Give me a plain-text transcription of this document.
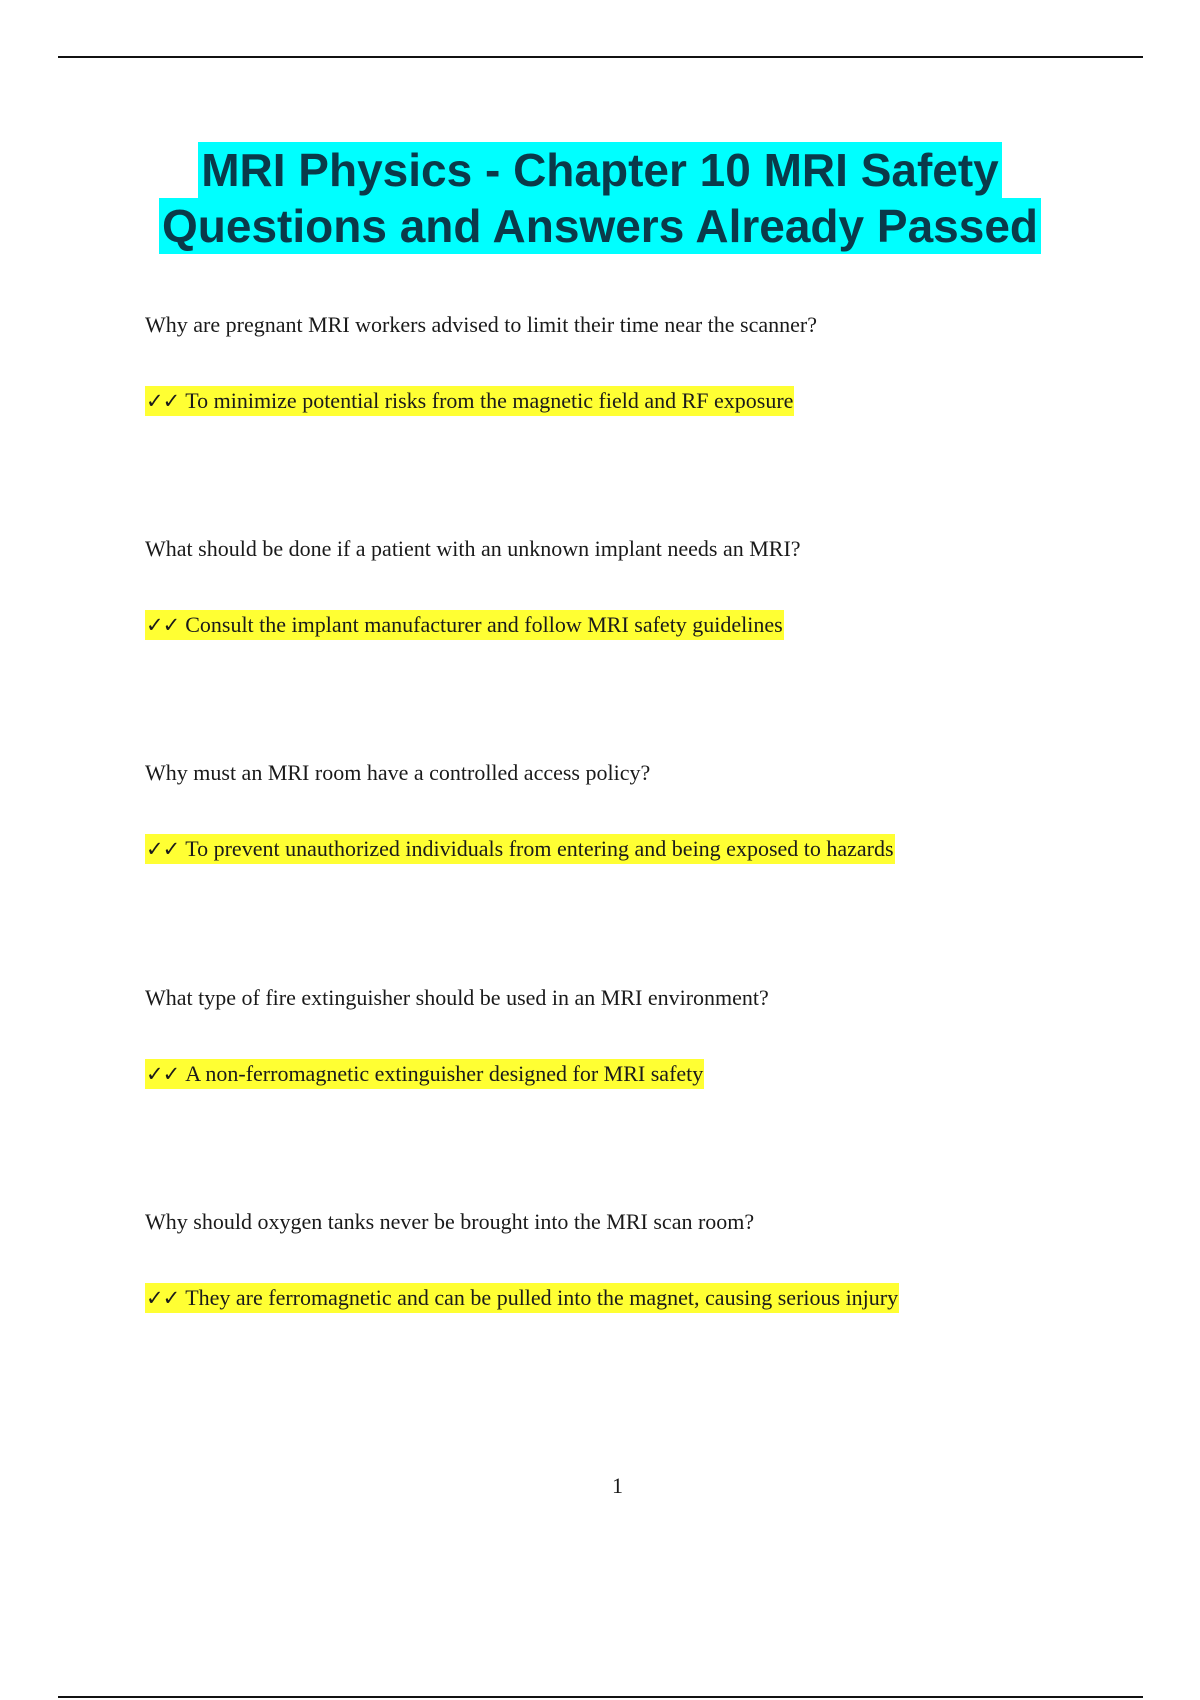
MRI Physics - Chapter 10 MRI Safety
Questions and Answers Already Passed
Why are pregnant MRI workers advised to limit their time near the scanner?
✓✓ To minimize potential risks from the magnetic field and RF exposure
What should be done if a patient with an unknown implant needs an MRI?
✓✓ Consult the implant manufacturer and follow MRI safety guidelines
Why must an MRI room have a controlled access policy?
✓✓ To prevent unauthorized individuals from entering and being exposed to hazards
What type of fire extinguisher should be used in an MRI environment?
✓✓ A non-ferromagnetic extinguisher designed for MRI safety
Why should oxygen tanks never be brought into the MRI scan room?
✓✓ They are ferromagnetic and can be pulled into the magnet, causing serious injury
1
